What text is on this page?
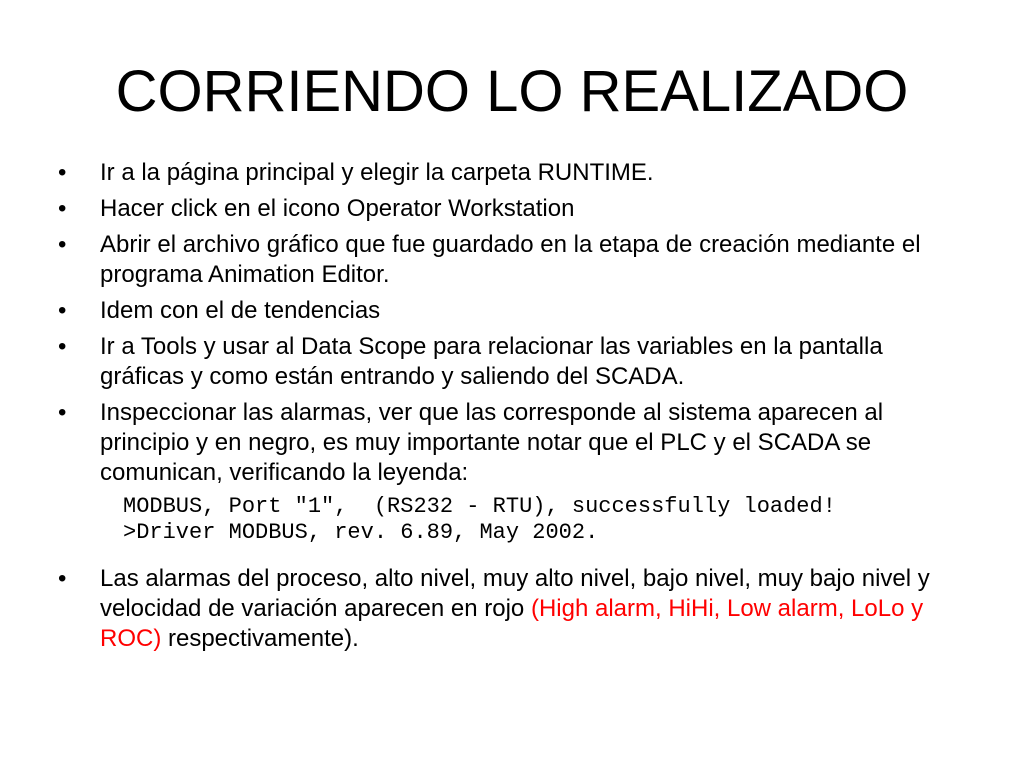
CORRIENDO LO REALIZADO
• Ir a la página principal y elegir la carpeta RUNTIME.
• Hacer click en el icono Operator Workstation
• Abrir el archivo gráfico que fue guardado en la etapa de creación mediante el programa Animation Editor.
• Idem con el de tendencias
• Ir a Tools y usar al Data Scope para relacionar las variables en la pantalla gráficas y como están entrando y saliendo del SCADA.
• Inspeccionar las alarmas, ver que las corresponde al sistema aparecen al principio y en negro, es muy importante notar que el PLC y el SCADA se comunican, verificando la leyenda:
MODBUS, Port "1",  (RS232 - RTU), successfully loaded!
>Driver MODBUS, rev. 6.89, May 2002.
• Las alarmas del proceso, alto nivel, muy alto nivel, bajo nivel, muy bajo nivel y velocidad de variación aparecen en rojo (High alarm, HiHi, Low alarm, LoLo y ROC) respectivamente).
